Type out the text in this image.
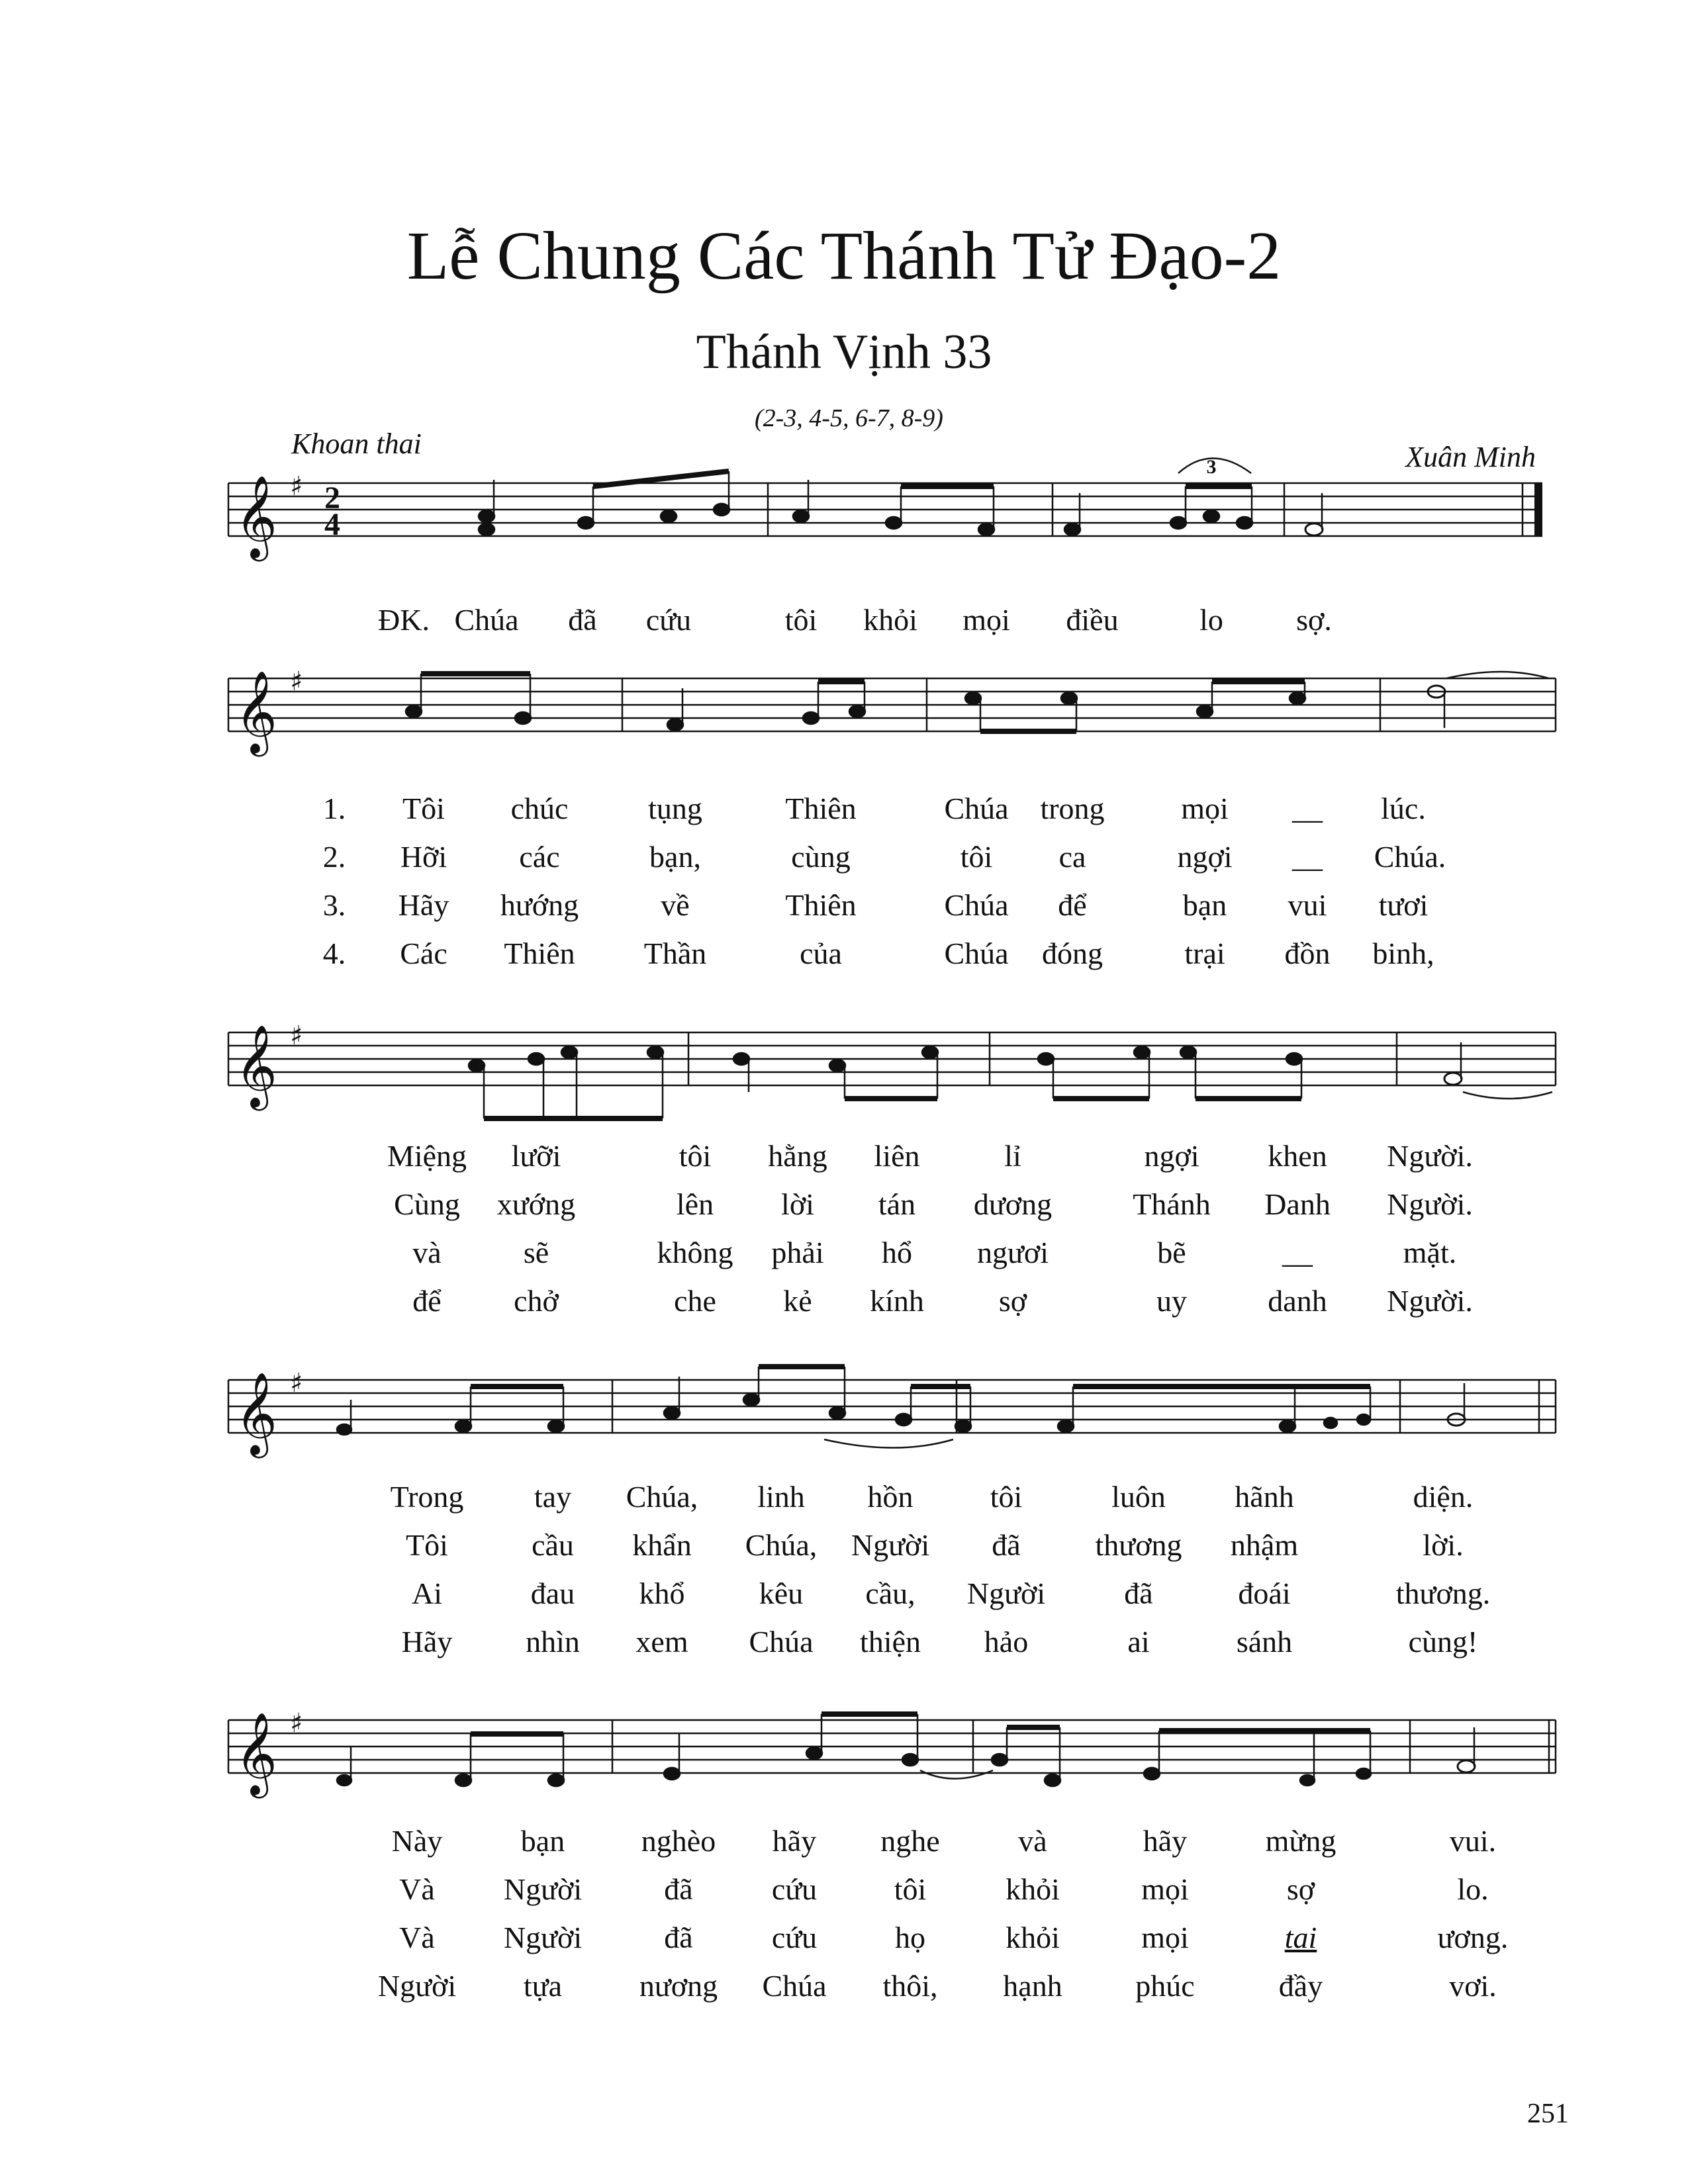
Lễ Chung Các Thánh Tử Đạo-2
Thánh Vịnh 33
(2-3, 4-5, 6-7, 8-9)
Khoan thai	Xuân Minh
3
𝄞
𝄞
𝄞
𝄞
𝄞
♯
♯
♯
♯
♯
2
4
ĐK. Chúa đã cứu	tôi khỏi mọi điều	lo sợ.
1. Tôi chúc	tụng	Thiên	Chúa trong	mọi __ lúc.
2. Hỡi các	bạn,	cùng	tôi ca	ngợi __ Chúa.
3. Hãy hướng	về	Thiên	Chúa để	bạn vui tươi
4. Các Thiên Thần	của	Chúa đóng	trại đồn binh,
Miệng lưỡi	tôi hằng liên	lỉ	ngợi khen Người.
Cùng xướng	lên lời tán dương	Thánh Danh Người.
và	sẽ	không phải hổ ngươi	bẽ	__	mặt.
để chở	che kẻ kính sợ	uy	danh Người.
Trong tay Chúa, linh hồn	tôi	luôn hãnh	diện.
Tôi	cầu khẩn Chúa, Người đã thương nhậm	lời.
Ai	đau khổ kêu cầu, Người	đã	đoái	thương.
Hãy nhìn xem Chúa thiện hảo	ai	sánh	cùng!
Này	bạn	nghèo hãy nghe	và	hãy	mừng	vui.
Và Người	đã	cứu	tôi	khỏi	mọi	sợ	lo.
Và Người	đã	cứu	họ	khỏi	mọi	tai	ương.
Người tựa	nương Chúa thôi, hạnh phúc	đầy	vơi.
251
